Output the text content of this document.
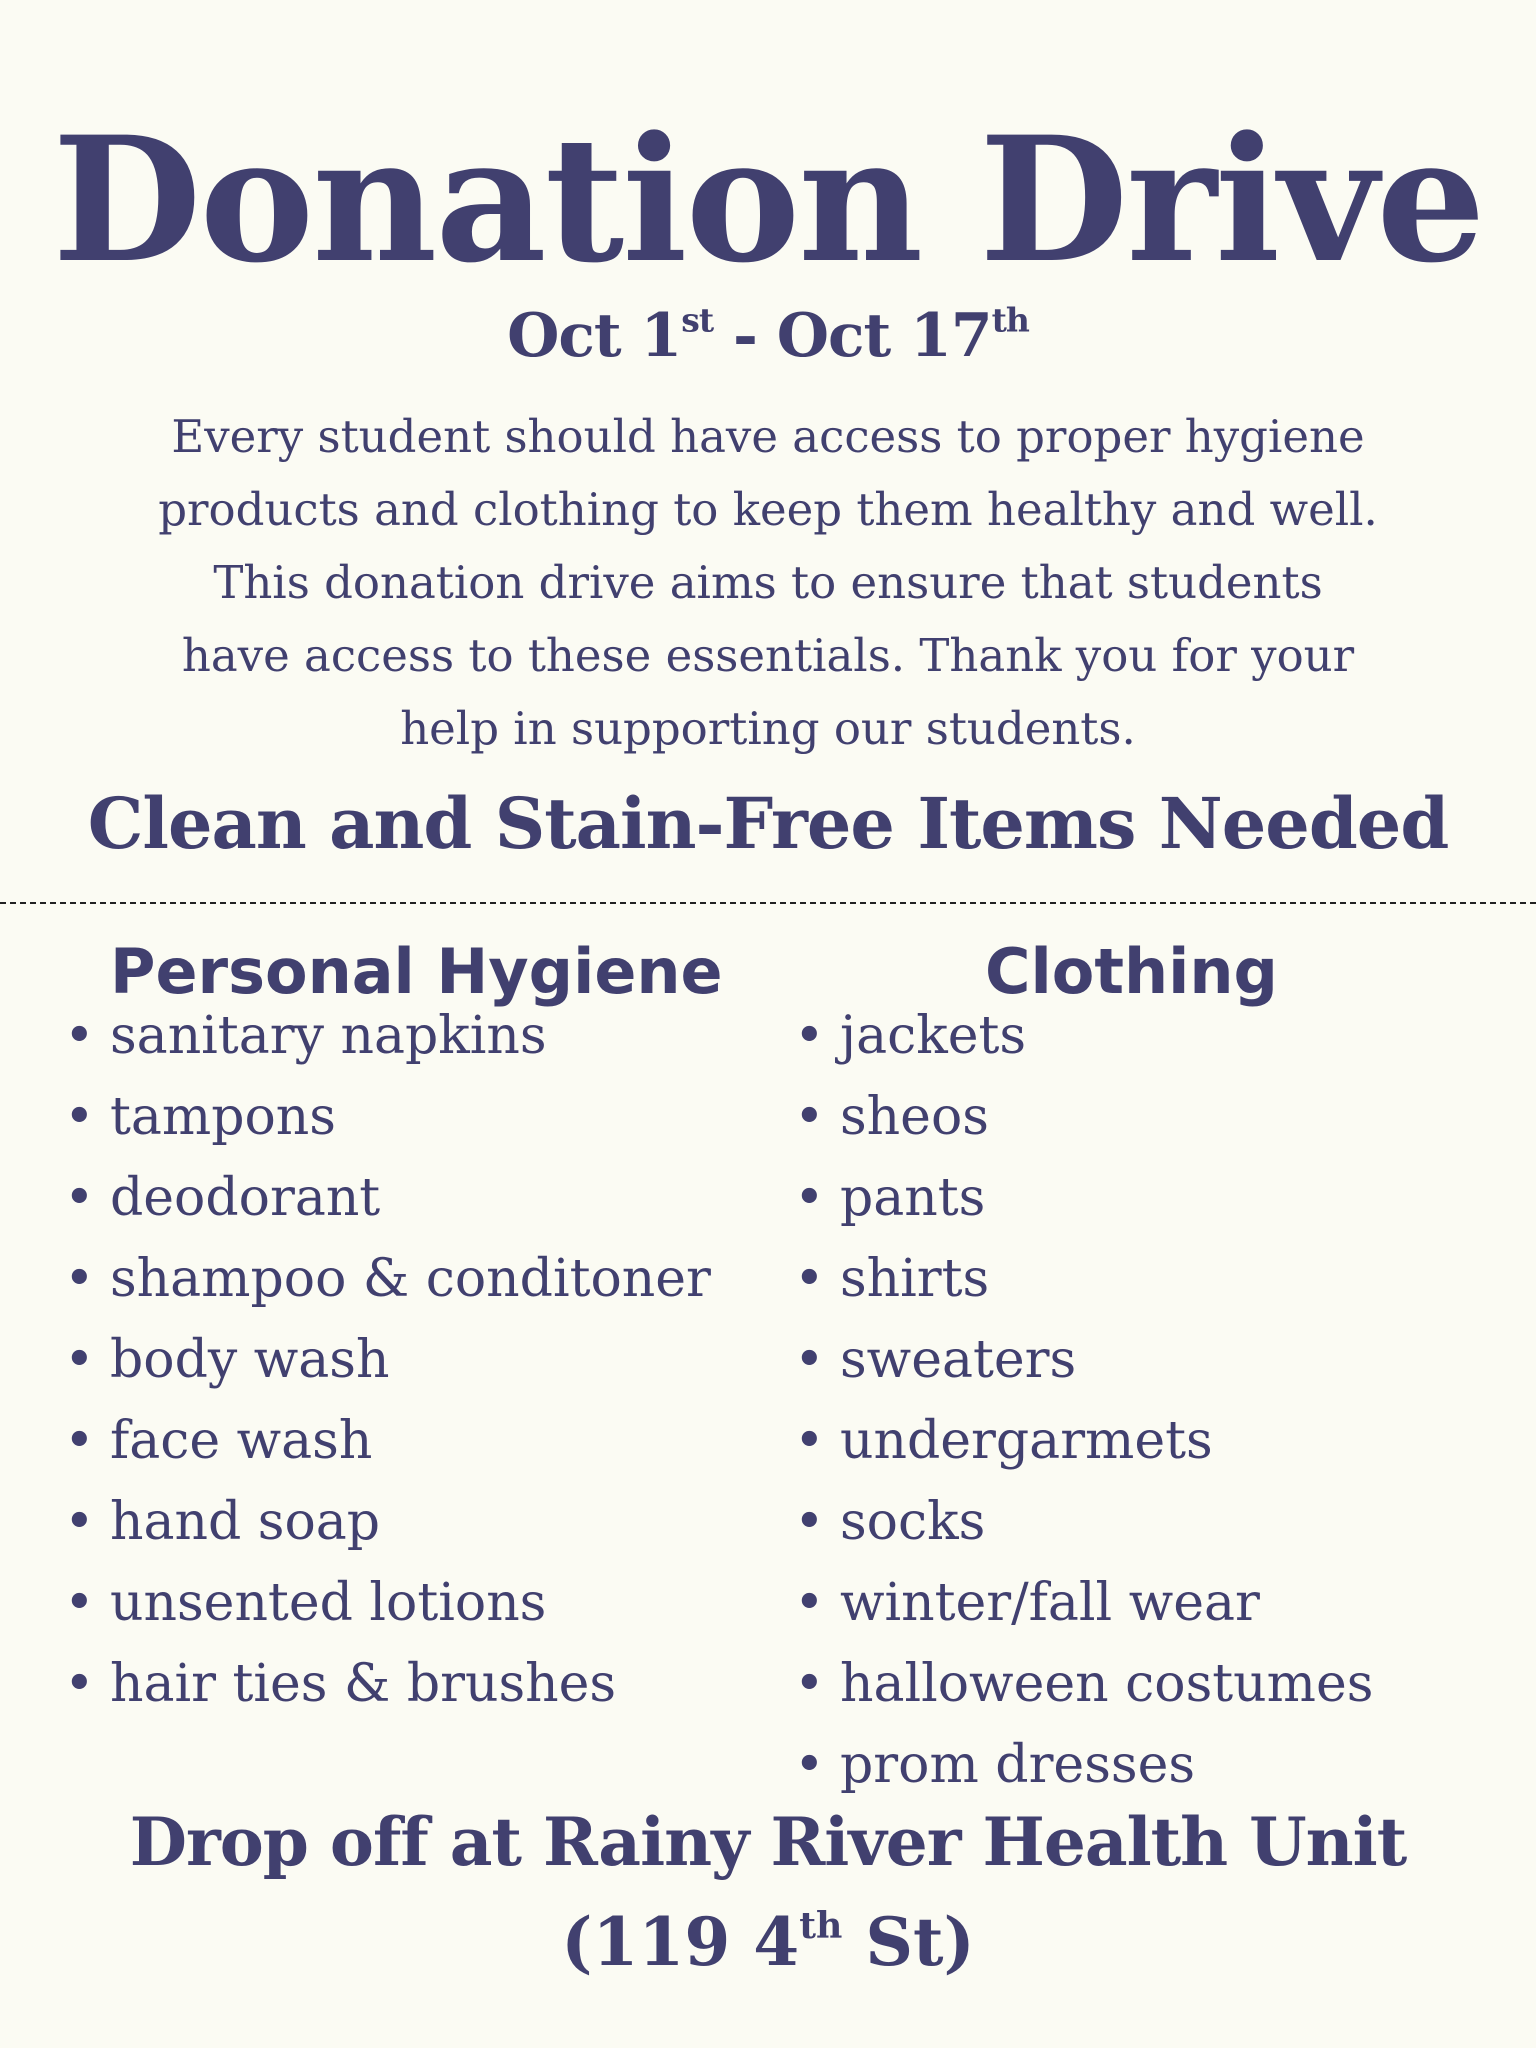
Donation Drive
Oct 1st - Oct 17th
Every student should have access to proper hygiene
products and clothing to keep them healthy and well.
This donation drive aims to ensure that students
have access to these essentials. Thank you for your
help in supporting our students.
Clean and Stain-Free Items Needed
Personal Hygiene	Clothing
• sanitary napkins
• tampons
• deodorant
• shampoo & conditoner
• body wash
• face wash
• hand soap
• unsented lotions
• hair ties & brushes
• jackets
• sheos
• pants
• shirts
• sweaters
• undergarmets
• socks
• winter/fall wear
• halloween costumes
• prom dresses
Drop off at Rainy River Health Unit
(119 4th St)
